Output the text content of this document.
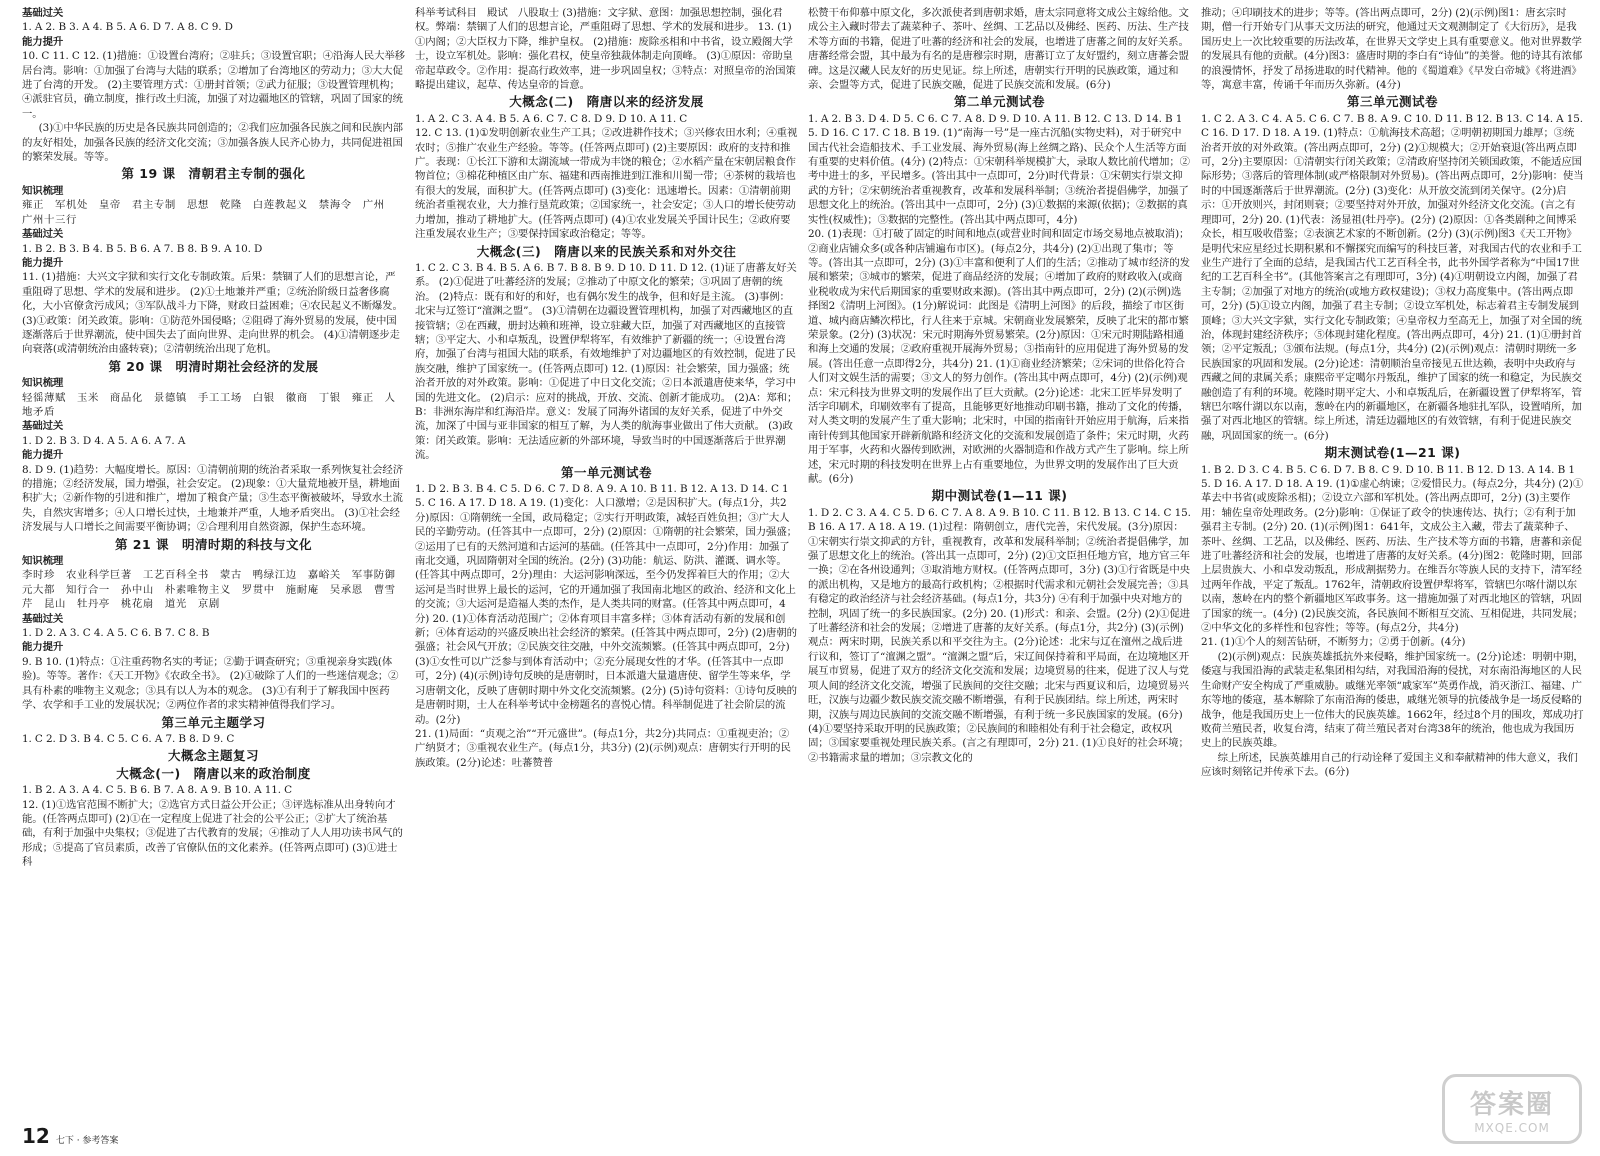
基础过关
1. A 2. B 3. A 4. B 5. A 6. D 7. A 8. C 9. D
能力提升
10. C 11. C 12. (1)措施：①设置台湾府；②驻兵；③设置官职；④沿海人民大举移居台湾。影响：①加强了台湾与大陆的联系；②增加了台湾地区的劳动力；③大大促进了台湾的开发。 (2)主要管理方式：①册封首领；②武力征服；③设置管理机构；④派驻官员，确立制度，推行改土归流，加强了对边疆地区的管辖，巩固了国家的统一。
(3)①中华民族的历史是各民族共同创造的；②我们应加强各民族之间和民族内部的友好相处，加强各民族的经济文化交流；③加强各族人民齐心协力，共同促进祖国的繁荣发展。等等。
第 19 课　清朝君主专制的强化
知识梳理
雍正　军机处　皇帝　君主专制　思想　乾隆　白莲教起义　禁海令　广州　广州十三行
基础过关
1. B 2. B 3. B 4. B 5. B 6. A 7. B 8. B 9. A 10. D
能力提升
11. (1)措施：大兴文字狱和实行文化专制政策。后果：禁锢了人们的思想言论，严重阻碍了思想、学术的发展和进步。 (2)①土地兼并严重；②统治阶级日益奢侈腐化，大小官僚贪污成风；③军队战斗力下降，财政日益困难；④农民起义不断爆发。 (3)①政策：闭关政策。影响：①防范外国侵略；②阻碍了海外贸易的发展，使中国逐渐落后于世界潮流，使中国失去了面向世界、走向世界的机会。 (4)①清朝逐步走向衰落(或清朝统治由盛转衰)；②清朝统治出现了危机。
第 20 课　明清时期社会经济的发展
知识梳理
轻徭薄赋　玉米　商品化　景德镇　手工工场　白银　徽商　丁银　雍正　人地矛盾
基础过关
1. D 2. B 3. D 4. A 5. A 6. A 7. A
能力提升
8. D 9. (1)趋势：大幅度增长。原因：①清朝前期的统治者采取一系列恢复社会经济的措施；②经济发展，国力增强，社会安定。 (2)现象：①大量荒地被开垦，耕地面积扩大；②新作物的引进和推广，增加了粮食产量；③生态平衡被破坏，导致水土流失，自然灾害增多；④人口增长过快，土地兼并严重，人地矛盾突出。 (3)①社会经济发展与人口增长之间需要平衡协调；②合理利用自然资源，保护生态环境。
第 21 课　明清时期的科技与文化
知识梳理
李时珍　农业科学巨著　工艺百科全书　蒙古　鸭绿江边　嘉峪关　军事防御　元大都　知行合一　孙中山　朴素唯物主义　罗贯中　施耐庵　吴承恩　曹雪芹　昆山　牡丹亭　桃花扇　道光　京剧
基础过关
1. D 2. A 3. C 4. A 5. C 6. B 7. C 8. B
能力提升
9. B 10. (1)特点：①注重药物名实的考证；②勤于调查研究；③重视亲身实践(体验)。等等。著作：《天工开物》《农政全书》。 (2)①破除了人们的一些迷信观念；②具有朴素的唯物主义观念；③具有以人为本的观念。 (3)①有利于了解我国中医药学、农学和手工业的发展状况；②两位作者的求实精神值得我们学习。
第三单元主题学习
1. C 2. D 3. B 4. C 5. C 6. A 7. B 8. D 9. C
大概念主题复习
大概念(一)　隋唐以来的政治制度
1. B 2. A 3. A 4. C 5. B 6. B 7. A 8. A 9. B 10. A 11. C
12. (1)①选官范围不断扩大；②选官方式日益公开公正；③评选标准从出身转向才能。(任答两点即可) (2)①在一定程度上促进了社会的公平公正；②扩大了统治基础，有利于加强中央集权；③促进了古代教育的发展；④推动了人人用功读书风气的形成；⑤提高了官员素质，改善了官僚队伍的文化素养。(任答两点即可) (3)①进士科
科举考试科目　殿试　八股取士 (3)措施：文字狱、意图：加强思想控制，强化君权。弊端：禁锢了人们的思想言论，严重阻碍了思想、学术的发展和进步。 13. (1)①内阁；②大臣权力下降，维护皇权。 (2)措施：废除丞相和中书省，设立殿阁大学士，设立军机处。影响：强化君权，使皇帝独裁体制走向顶峰。 (3)①原因：帝助皇帝起草政令。②作用：提高行政效率，进一步巩固皇权；③特点：对照皇帝的治国策略提出建议，起草、传达皇帝的旨意。
大概念(二)　隋唐以来的经济发展
1. A 2. C 3. A 4. B 5. A 6. C 7. C 8. D 9. D 10. A 11. C
12. C 13. (1)①发明创新农业生产工具；②改进耕作技术；③兴修农田水利；④重视农时；⑤推广农业生产经验。等等。(任答两点即可) (2)主要原因：政府的支持和推广。表现：①长江下游和太湖流域一带成为丰饶的粮仓；②水稻产量在宋朝居粮食作物首位；③棉花种植区由广东、福建和西南推进到江淮和川蜀一带；④茶树的栽培也有很大的发展，面积扩大。(任答两点即可) (3)变化：迅速增长。因素：①清朝前期统治者重视农业，大力推行垦荒政策；②国家统一，社会安定；③人口的增长使劳动力增加，推动了耕地扩大。(任答两点即可) (4)①农业发展关乎国计民生；②政府要注重发展农业生产；③要保持国家政治稳定；等等。
大概念(三)　隋唐以来的民族关系和对外交往
1. C 2. C 3. B 4. B 5. A 6. B 7. B 8. B 9. D 10. D 11. D 12. (1)证了唐蕃友好关系。 (2)①促进了吐蕃经济的发展；②推动了中原文化的繁荣；③巩固了唐朝的统治。 (2)特点：既有和好的和好，也有偶尔发生的战争，但和好是主流。 (3)事例：北宋与辽签订“澶渊之盟”。 (3)①清朝在边疆设置管理机构，加强了对西藏地区的直接管辖；②在西藏，册封达赖和班禅，设立驻藏大臣，加强了对西藏地区的直接管辖；③平定大、小和卓叛乱，设置伊犁将军，有效维护了新疆的统一；④设置台湾府，加强了台湾与祖国大陆的联系，有效地维护了对边疆地区的有效控制，促进了民族交融，维护了国家统一。(任答两点即可) 12. (1)原因：社会繁荣，国力强盛；统治者开放的对外政策。影响：①促进了中日文化交流；②日本派遣唐使来华，学习中国的先进文化。 (2)启示：应对的挑战，开放、交流、创新才能成功。 (2)A：郑和；B：非洲东海岸和红海沿岸。意义：发展了同海外诸国的友好关系，促进了中外交流，加深了中国与亚非国家的相互了解，为人类的航海事业做出了伟大贡献。 (3)政策：闭关政策。影响：无法适应新的外部环境，导致当时的中国逐渐落后于世界潮流。
第一单元测试卷
1. D 2. B 3. B 4. C 5. D 6. C 7. D 8. A 9. A 10. B 11. B 12. A 13. D 14. C 15. C 16. A 17. D 18. A 19. (1)变化：人口激增；②是因积扩大。(每点1分，共2分)原因：①隋朝统一全国，政局稳定；②实行开明政策，减轻百姓负担；③广大人民的辛勤劳动。(任答其中一点即可，2分) (2)原因：①隋朝的社会繁荣，国力强盛；②运用了已有的天然河道和古运河的基础。(任答其中一点即可，2分)作用：加强了南北交通，巩固隋朝对全国的统治。(2分) (3)功能：航运、防洪、灌溉、调水等。(任答其中两点即可，2分)理由：大运河影响深远，至今仍发挥着巨大的作用；②大运河是当时世界上最长的运河，它的开通加强了我国南北地区的政治、经济和文化上的交流；③大运河是造福人类的杰作，是人类共同的财富。(任答其中两点即可，4分) 20. (1)①体育活动范围广；②体育项目丰富多样；③体育活动有新的发展和创新；④体育运动的兴盛反映出社会经济的繁荣。(任答其中两点即可，2分) (2)唐朝的强盛；社会风气开放；②民族交往交融，中外交流频繁。(任答其中两点即可，2分) (3)①女性可以广泛参与到体育活动中；②充分展现女性的才华。(任答其中一点即可，2分) (4)(示例)诗句反映的是唐朝时，日本派遣大量遣唐使、留学生等来华，学习唐朝文化，反映了唐朝时期中外文化交流频繁。(2分) (5)诗句资料：①诗句反映的是唐朝时期，士人在科举考试中金榜题名的喜悦心情。科举制促进了社会阶层的流动。(2分)
21. (1)局面：“贞观之治”“开元盛世”。(每点1分，共2分)共同点：①重视吏治；②广纳贤才；③重视农业生产。(每点1分，共3分) (2)(示例)观点：唐朝实行开明的民族政策。(2分)论述：吐蕃赞普
松赞干布仰慕中原文化，多次派使者到唐朝求婚，唐太宗同意将文成公主嫁给他。文成公主入藏时带去了蔬菜种子、茶叶、丝绸、工艺品以及佛经、医药、历法、生产技术等方面的书籍，促进了吐蕃的经济和社会的发展，也增进了唐蕃之间的友好关系。唐蕃经常会盟，其中最为有名的是唐穆宗时期，唐蕃订立了友好盟约，刻立唐蕃会盟碑。这是汉藏人民友好的历史见证。综上所述，唐朝实行开明的民族政策，通过和亲、会盟等方式，促进了民族交融，促进了民族交流和发展。(6分)
第二单元测试卷
1. A 2. B 3. D 4. D 5. C 6. C 7. A 8. D 9. D 10. A 11. B 12. C 13. D 14. B 15. D 16. C 17. C 18. B 19. (1)“南海一号”是一座古沉船(实物史料)，对于研究中国古代社会造船技术、手工业发展、海外贸易(海上丝绸之路)、民众个人生活等方面有重要的史料价值。(4分) (2)特点：①宋朝科举规模扩大，录取人数比前代增加；②考中进士的多，平民增多。(答出其中一点即可，2分)时代背景：①宋朝实行崇文抑武的方针；②宋朝统治者重视教育，改革和发展科举制；③统治者提倡佛学，加强了思想文化上的统治。(答出其中一点即可，2分) (3)①数据的来源(依据)；②数据的真实性(权威性)；③数据的完整性。(答出其中两点即可，4分)
20. (1)表现：①打破了固定的时间和地点(或营业时间和固定市场交易地点被取消)；②商业店铺众多(或各种店铺遍布市区)。(每点2分，共4分) (2)①出现了集市；等等。(答出其一点即可，2分) (3)①丰富和便利了人们的生活；②推动了城市经济的发展和繁荣；③城市的繁荣，促进了商品经济的发展；④增加了政府的财政收入(或商业税收成为宋代后期国家的重要财政来源)。(答出其中两点即可，2分) (2)(示例)选择图2《清明上河图》。(1分)解说词：此图是《清明上河图》的后段，描绘了市区街道、城内商店鳞次栉比，行人往来于京城。宋朝商业发展繁荣，反映了北宋的都市繁荣景象。(2分) (3)状况：宋元时期海外贸易繁荣。(2分)原因：①宋元时期陆路相通和海上交通的发展；②政府重视开展海外贸易；③指南针的应用促进了海外贸易的发展。(答出任意一点即得2分，共4分) 21. (1)①商业经济繁荣；②宋词的世俗化符合人们对文娱生活的需要；③文人的努力创作。(答出其中两点即可，4分) (2)(示例)观点：宋元科技为世界文明的发展作出了巨大贡献。(2分)论述：北宋工匠毕昇发明了活字印刷术，印刷效率有了提高，且能够更好地推动印刷书籍，推动了文化的传播，对人类文明的发展产生了重大影响；北宋时，中国的指南针开始应用于航海，后来指南针传到其他国家开辟新航路和经济文化的交流和发展创造了条件；宋元时期，火药用于军事，火药和火器传到欧洲，对欧洲的火器制造和作战方式产生了影响。综上所述，宋元时期的科技发明在世界上占有重要地位，为世界文明的发展作出了巨大贡献。(6分)
期中测试卷(1—11 课)
1. D 2. C 3. A 4. C 5. D 6. C 7. A 8. A 9. B 10. C 11. B 12. B 13. C 14. C 15. B 16. A 17. A 18. A 19. (1)过程：隋朝创立，唐代完善，宋代发展。(3分)原因：①宋朝实行崇文抑武的方针，重视教育，改革和发展科举制；②统治者提倡佛学，加强了思想文化上的统治。(答出其一点即可，2分) (2)①文臣担任地方官，地方官三年一换；②在各州设通判；③取消地方财权。(任答两点即可，3分) (3)①行省既是中央的派出机构，又是地方的最高行政机构；②根据时代需求和元朝社会发展完善；③具有稳定的政治经济与社会经济基础。(每点1分，共3分) ④有利于加强中央对地方的控制，巩固了统一的多民族国家。(2分) 20. (1)形式：和亲、会盟。(2分) (2)①促进了吐蕃经济和社会的发展；②增进了唐蕃的友好关系。(每点1分，共2分) (3)(示例)观点：两宋时期，民族关系以和平交往为主。(2分)论述：北宋与辽在澶州之战后进行议和，签订了“澶渊之盟”。“澶渊之盟”后，宋辽间保持着和平局面，在边境地区开展互市贸易，促进了双方的经济文化交流和发展；边境贸易的往来，促进了汉人与党项人间的经济文化交流，增强了民族间的交往交融；北宋与西夏议和后，边境贸易兴旺，汉族与边疆少数民族交流交融不断增强，有利于民族团结。综上所述，两宋时期，汉族与周边民族间的交流交融不断增强，有利于统一多民族国家的发展。(6分)
(4)①要坚持采取开明的民族政策；②民族间的和睦相处有利于社会稳定，政权巩固；③国家要重视处理民族关系。(言之有理即可，2分) 21. (1)①良好的社会环境；②书籍需求量的增加；③宗教文化的
推动；④印刷技术的进步；等等。(答出两点即可，2分) (2)(示例)图1：唐玄宗时期，僧一行开始专门从事天文历法的研究，他通过天文观测制定了《大衍历》，是我国历史上一次比较重要的历法改革，在世界天文学史上具有重要意义。他对世界数学的发展具有他的贡献。(4分)图3：盛唐时期的李白有“诗仙”的美誉。他的诗其有浓郁的浪漫情怀，抒发了昂扬进取的时代精神。他的《蜀道难》《早发白帝城》《将进酒》等，寓意丰富，传诵千年而历久弥新。(4分)
第三单元测试卷
1. C 2. A 3. C 4. A 5. C 6. C 7. B 8. A 9. C 10. D 11. B 12. B 13. C 14. A 15. C 16. D 17. D 18. A 19. (1)特点：①航海技术高超；②明朝初期国力雄厚；③统治者开放的对外政策。(答出两点即可，2分) (2)①规模大；②开始衰退(答出两点即可，2分)主要原因：①清朝实行闭关政策；②清政府坚持闭关锁国政策，不能适应国际形势；③落后的管理体制(或严格限制对外贸易)。(答出两点即可，2分)影响：使当时的中国逐渐落后于世界潮流。(2分) (3)变化：从开放交流到闭关保守。(2分)启示：①开放则兴，封闭则衰；②要坚持对外开放，加强对外经济文化交流。(言之有理即可，2分) 20. (1)代表：汤显祖(牡丹亭)。(2分) (2)原因：①各类剧种之间博采众长，相互吸收借鉴；②表演艺术家的不断创新。(2分) (3)(示例)图3《天工开物》是明代宋应星经过长期积累和不懈探究而编写的科技巨著，对我国古代的农业和手工业生产进行了全面的总结，是我国古代工艺百科全书，此书外国学者称为“中国17世纪的工艺百科全书”。(其他答案言之有理即可，3分) (4)①明朝设立内阁，加强了君主专制；②加强了对地方的统治(或地方政权建设)；③权力高度集中。(答出两点即可，2分) (5)①设立内阁，加强了君主专制；②设立军机处，标志着君主专制发展到顶峰；③大兴文字狱，实行文化专制政策；④皇帝权力至高无上，加强了对全国的统治，体现封建经济秩序；⑤体现封建化程度。(答出两点即可，4分) 21. (1)①册封首领；②平定叛乱；③颁布法规。(每点1分，共4分) (2)(示例)观点：清朝时期统一多民族国家的巩固和发展。(2分)论述：清朝顺治皇帝接见五世达赖，表明中央政府与西藏之间的隶属关系；康熙帝平定噶尔丹叛乱，维护了国家的统一和稳定，为民族交融创造了有利的环境。乾隆时期平定大、小和卓叛乱后，在新疆设置了伊犁将军，管辖巴尔喀什湖以东以南，葱岭在内的新疆地区，在新疆各地驻扎军队，设置哨所，加强了对西北地区的管辖。综上所述，清廷边疆地区的有效管辖，有利于促进民族交融，巩固国家的统一。(6分)
期末测试卷(1—21 课)
1. B 2. D 3. C 4. B 5. C 6. D 7. B 8. C 9. D 10. B 11. B 12. D 13. A 14. B 15. D 16. A 17. D 18. A 19. (1)①虚心纳谏；②爱惜民力。(每点2分，共4分) (2)①革去中书省(或废除丞相)；②设立六部和军机处。(答出两点即可，2分) (3)主要作用：辅佐皇帝处理政务。(2分)影响：①保证了政令的快速传达、执行；②有利于加强君主专制。(2分) 20. (1)(示例)图1：641年，文成公主入藏，带去了蔬菜种子、茶叶、丝绸、工艺品，以及佛经、医药、历法、生产技术等方面的书籍，唐蕃和亲促进了吐蕃经济和社会的发展，也增进了唐蕃的友好关系。(4分)图2：乾隆时期，回部上层贵族大、小和卓发动叛乱，形成割据势力。在维吾尔等族人民的支持下，清军经过两年作战，平定了叛乱。1762年，清朝政府设置伊犁将军，管辖巴尔喀什湖以东以南，葱岭在内的整个新疆地区军政事务。这一措施加强了对西北地区的管辖，巩固了国家的统一。(4分) (2)民族交流，各民族间不断相互交流、互相促进，共同发展；②中华文化的多样性和包容性；等等。(每点2分，共4分)
21. (1)①个人的刻苦钻研，不断努力；②勇于创新。(4分)
(2)(示例)观点：民族英雄抵抗外来侵略，维护国家统一。(2分)论述：明朝中期，倭寇与我国沿海的武装走私集团相勾结，对我国沿海的侵扰，对东南沿海地区的人民生命财产安全构成了严重威胁。戚继光率领“戚家军”英勇作战，消灭浙江、福建、广东等地的倭寇，基本解除了东南沿海的倭患，戚继光领导的抗倭战争是一场反侵略的战争，他是我国历史上一位伟大的民族英雄。1662年，经过8个月的围攻，郑成功打败荷兰殖民者，收复台湾，结束了荷兰殖民者对台湾38年的统治，他也成为我国历史上的民族英雄。
综上所述，民族英雄用自己的行动诠释了爱国主义和奉献精神的伟大意义，我们应该时刻铭记并传承下去。(6分)
12 七下 · 参考答案
答案圈
MXQE.COM
